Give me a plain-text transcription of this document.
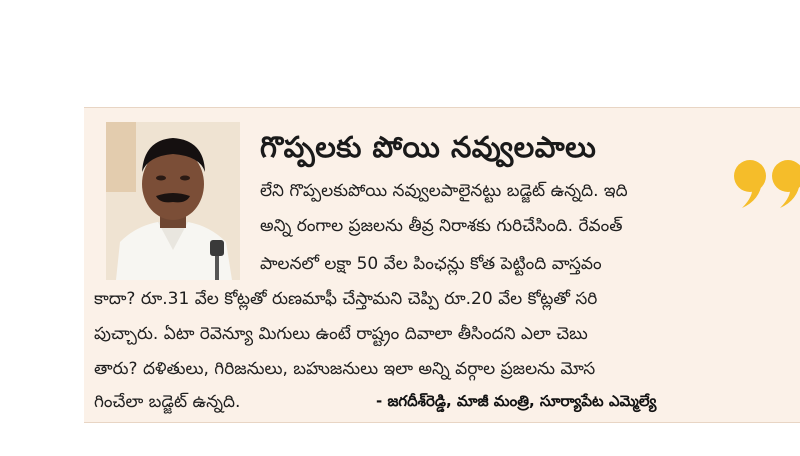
గొప్పలకు పోయి నవ్వులపాలు
లేని గొప్పలకుపోయి నవ్వులపాలైనట్టు బడ్జెట్ ఉన్నది. ఇది
అన్ని రంగాల ప్రజలను తీవ్ర నిరాశకు గురిచేసింది. రేవంత్
పాలనలో లక్షా 50 వేల పింఛన్లు కోత పెట్టింది వాస్తవం
కాదా? రూ.31 వేల కోట్లతో రుణమాఫీ చేస్తామని చెప్పి రూ.20 వేల కోట్లతో సరి
పుచ్చారు. ఏటా రెవెన్యూ మిగులు ఉంటే రాష్ట్రం దివాలా తీసిందని ఎలా చెబు
తారు? దళితులు, గిరిజనులు, బహుజనులు ఇలా అన్ని వర్గాల ప్రజలను మోస
గించేలా బడ్జెట్ ఉన్నది.	- జగదీశ్‌రెడ్డి, మాజీ మంత్రి, సూర్యాపేట ఎమ్మెల్యే
